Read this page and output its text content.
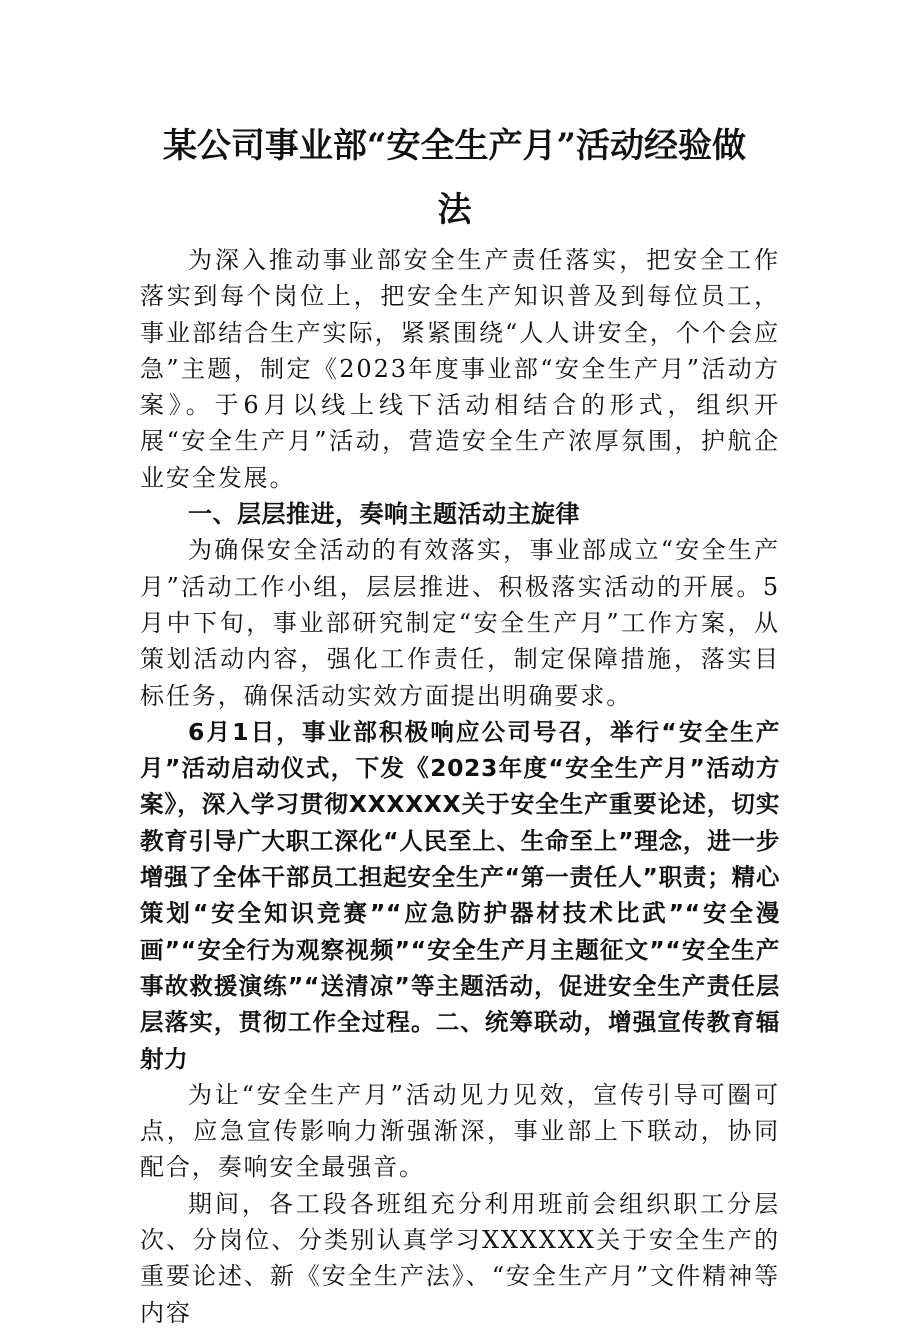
某公司事业部“安全生产月”活动经验做
法

为深入推动事业部安全生产责任落实，把安全工作落实到每个岗位上，把安全生产知识普及到每位员工，事业部结合生产实际，紧紧围绕“人人讲安全，个个会应急”主题，制定《2023年度事业部“安全生产月”活动方案》。于6月以线上线下活动相结合的形式，组织开展“安全生产月”活动，营造安全生产浓厚氛围，护航企业安全发展。

一、层层推进，奏响主题活动主旋律

为确保安全活动的有效落实，事业部成立“安全生产月”活动工作小组，层层推进、积极落实活动的开展。5月中下旬，事业部研究制定“安全生产月”工作方案，从策划活动内容，强化工作责任，制定保障措施，落实目标任务，确保活动实效方面提出明确要求。

6月1日，事业部积极响应公司号召，举行“安全生产月”活动启动仪式，下发《2023年度“安全生产月”活动方案》，深入学习贯彻XXXXXX关于安全生产重要论述，切实教育引导广大职工深化“人民至上、生命至上”理念，进一步增强了全体干部员工担起安全生产“第一责任人”职责；精心策划“安全知识竞赛”“应急防护器材技术比武”“安全漫画”“安全行为观察视频”“安全生产月主题征文”“安全生产事故救援演练”“送清凉”等主题活动，促进安全生产责任层层落实，贯彻工作全过程。二、统筹联动，增强宣传教育辐射力

为让“安全生产月”活动见力见效，宣传引导可圈可点，应急宣传影响力渐强渐深，事业部上下联动，协同配合，奏响安全最强音。

期间，各工段各班组充分利用班前会组织职工分层次、分岗位、分类别认真学习XXXXXX关于安全生产的重要论述、新《安全生产法》、“安全生产月”文件精神等内容
